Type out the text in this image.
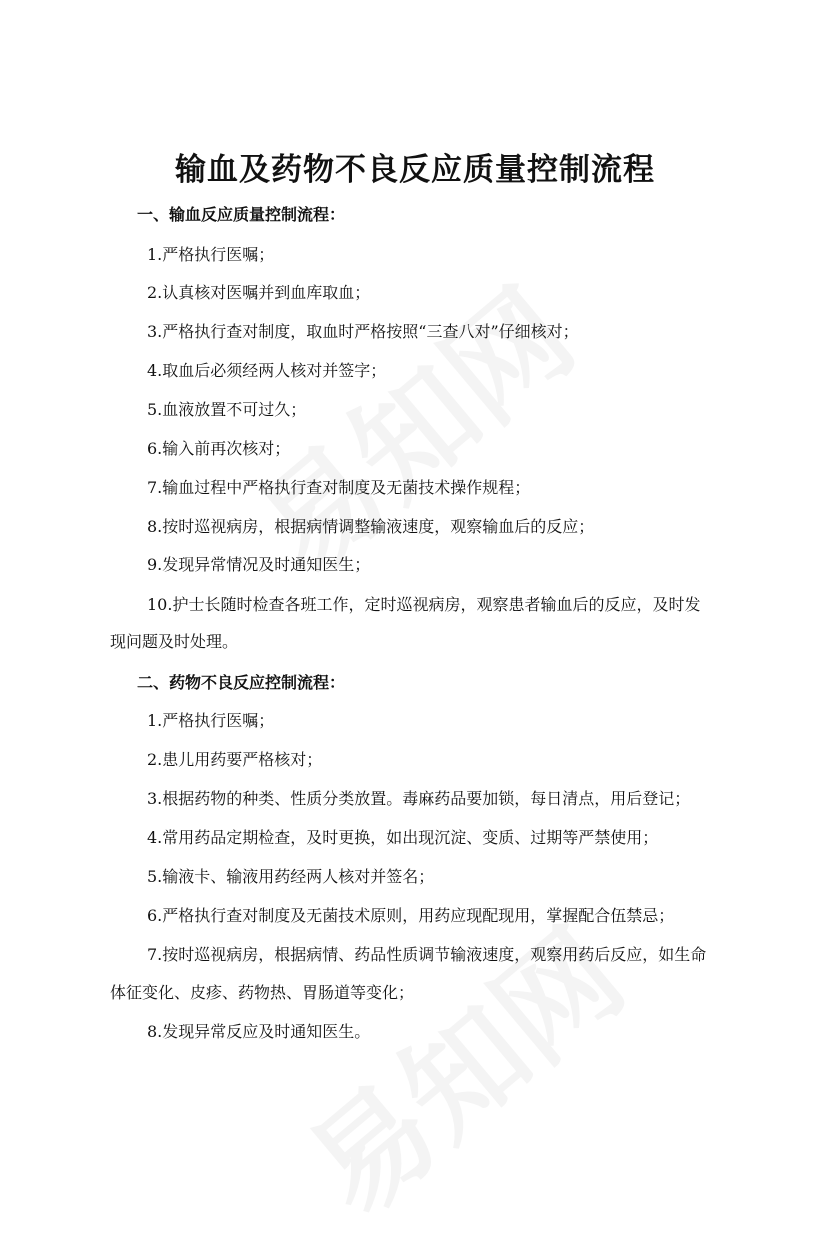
输血及药物不良反应质量控制流程
一、输血反应质量控制流程：
1.严格执行医嘱；
2.认真核对医嘱并到血库取血；
3.严格执行查对制度，取血时严格按照“三查八对”仔细核对；
4.取血后必须经两人核对并签字；
5.血液放置不可过久；
6.输入前再次核对；
7.输血过程中严格执行查对制度及无菌技术操作规程；
8.按时巡视病房，根据病情调整输液速度，观察输血后的反应；
9.发现异常情况及时通知医生；
10.护士长随时检查各班工作，定时巡视病房，观察患者输血后的反应，及时发
现问题及时处理。
二、药物不良反应控制流程：
1.严格执行医嘱；
2.患儿用药要严格核对；
3.根据药物的种类、性质分类放置。毒麻药品要加锁，每日清点，用后登记；
4.常用药品定期检查，及时更换，如出现沉淀、变质、过期等严禁使用；
5.输液卡、输液用药经两人核对并签名；
6.严格执行查对制度及无菌技术原则，用药应现配现用，掌握配合伍禁忌；
7.按时巡视病房，根据病情、药品性质调节输液速度，观察用药后反应，如生命
体征变化、皮疹、药物热、胃肠道等变化；
8.发现异常反应及时通知医生。
